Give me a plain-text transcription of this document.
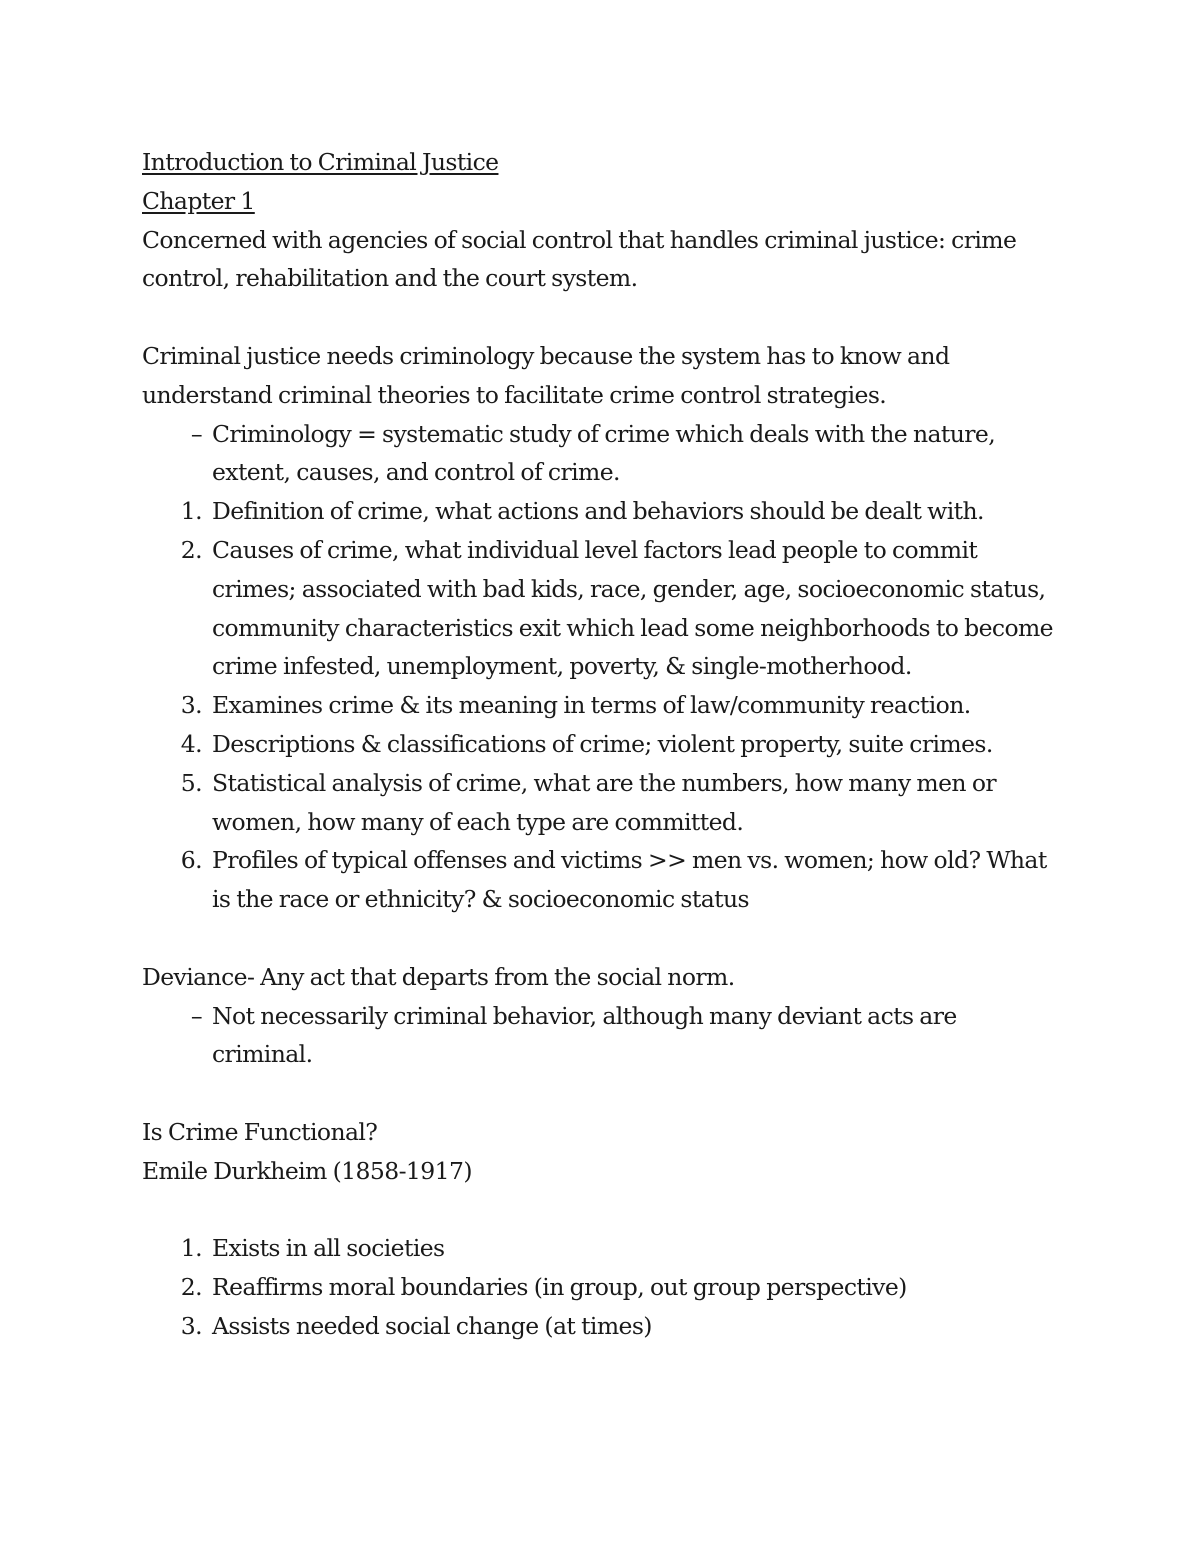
Introduction to Criminal Justice
Chapter 1
Concerned with agencies of social control that handles criminal justice: crime
control, rehabilitation and the court system.
Criminal justice needs criminology because the system has to know and
understand criminal theories to facilitate crime control strategies.
– Criminology = systematic study of crime which deals with the nature, extent, causes, and control of crime.
1. Definition of crime, what actions and behaviors should be dealt with.
2. Causes of crime, what individual level factors lead people to commit crimes; associated with bad kids, race, gender, age, socioeconomic status, community characteristics exit which lead some neighborhoods to become crime infested, unemployment, poverty, & single-motherhood.
3. Examines crime & its meaning in terms of law/community reaction.
4. Descriptions & classifications of crime; violent property, suite crimes.
5. Statistical analysis of crime, what are the numbers, how many men or women, how many of each type are committed.
6. Profiles of typical offenses and victims >> men vs. women; how old? What is the race or ethnicity? & socioeconomic status
Deviance- Any act that departs from the social norm.
– Not necessarily criminal behavior, although many deviant acts are criminal.
Is Crime Functional?
Emile Durkheim (1858-1917)
1. Exists in all societies
2. Reaffirms moral boundaries (in group, out group perspective)
3. Assists needed social change (at times)
